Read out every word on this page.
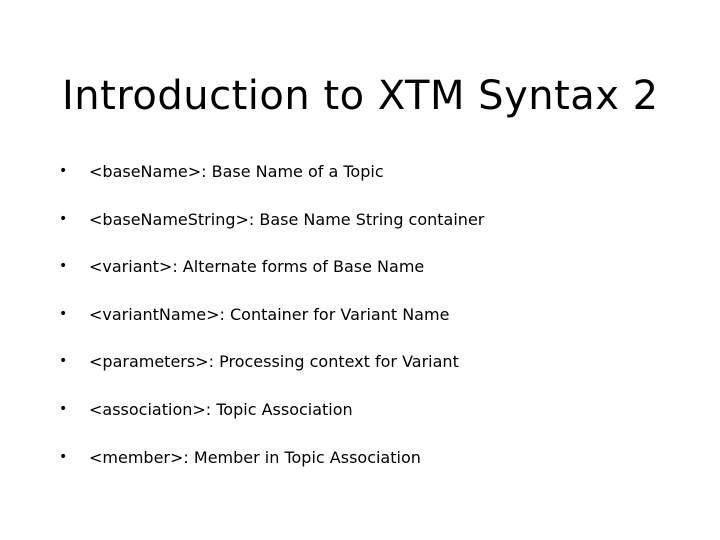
Introduction to XTM Syntax 2
• <baseName>: Base Name of a Topic
• <baseNameString>: Base Name String container
• <variant>: Alternate forms of Base Name
• <variantName>: Container for Variant Name
• <parameters>: Processing context for Variant
• <association>: Topic Association
• <member>: Member in Topic Association
